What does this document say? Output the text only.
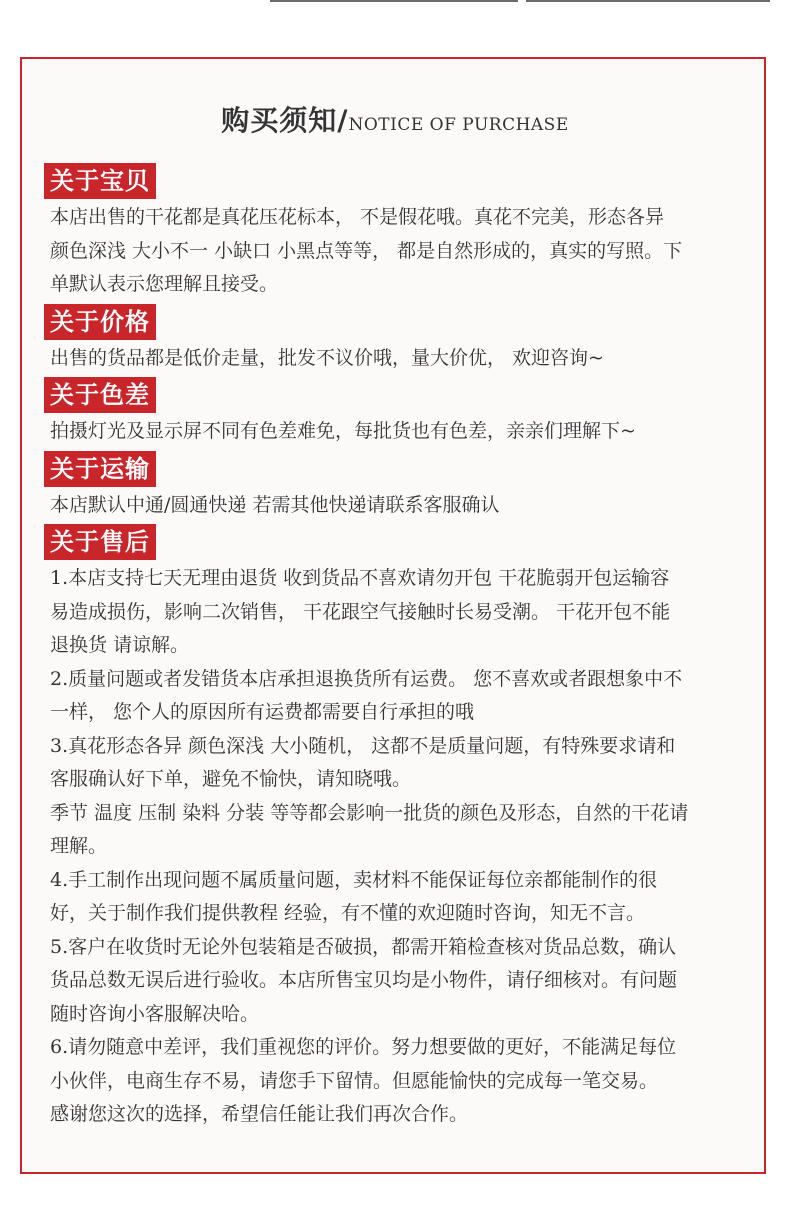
购买须知/NOTICE OF PURCHASE
关于宝贝
本店出售的干花都是真花压花标本， 不是假花哦。真花不完美，形态各异
颜色深浅 大小不一 小缺口 小黑点等等， 都是自然形成的，真实的写照。下
单默认表示您理解且接受。
关于价格
出售的货品都是低价走量，批发不议价哦，量大价优， 欢迎咨询~
关于色差
拍摄灯光及显示屏不同有色差难免，每批货也有色差，亲亲们理解下~
关于运输
本店默认中通/圆通快递 若需其他快递请联系客服确认
关于售后
1.本店支持七天无理由退货 收到货品不喜欢请勿开包 干花脆弱开包运输容
易造成损伤，影响二次销售， 干花跟空气接触时长易受潮。 干花开包不能
退换货 请谅解。
2.质量问题或者发错货本店承担退换货所有运费。 您不喜欢或者跟想象中不
一样， 您个人的原因所有运费都需要自行承担的哦
3.真花形态各异 颜色深浅 大小随机， 这都不是质量问题，有特殊要求请和
客服确认好下单，避免不愉快，请知晓哦。
季节 温度 压制 染料 分装 等等都会影响一批货的颜色及形态，自然的干花请
理解。
4.手工制作出现问题不属质量问题，卖材料不能保证每位亲都能制作的很
好，关于制作我们提供教程 经验，有不懂的欢迎随时咨询，知无不言。
5.客户在收货时无论外包装箱是否破损，都需开箱检查核对货品总数，确认
货品总数无误后进行验收。本店所售宝贝均是小物件，请仔细核对。有问题
随时咨询小客服解决哈。
6.请勿随意中差评，我们重视您的评价。努力想要做的更好，不能满足每位
小伙伴，电商生存不易，请您手下留情。但愿能愉快的完成每一笔交易。
感谢您这次的选择，希望信任能让我们再次合作。
